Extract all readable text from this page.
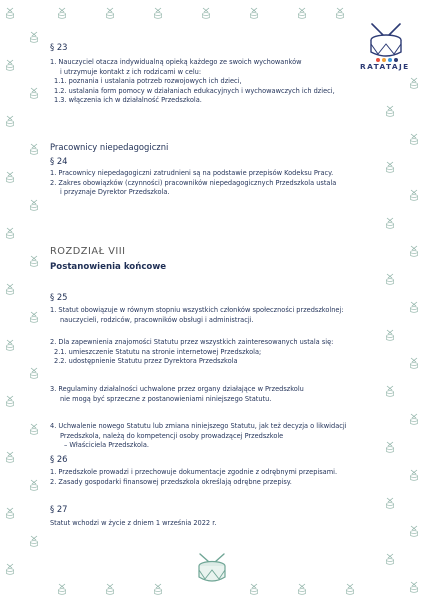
RATATAJE
§ 23
1. Nauczyciel otacza indywidualną opieką każdego ze swoich wychowanków
i utrzymuje kontakt z ich rodzicami w celu:
1.1. poznania i ustalania potrzeb rozwojowych ich dzieci,
1.2. ustalania form pomocy w działaniach edukacyjnych i wychowawczych ich dzieci,
1.3. włączenia ich w działalność Przedszkola.
Pracownicy niepedagogiczni
§ 24
1. Pracownicy niepedagogiczni zatrudnieni są na podstawie przepisów Kodeksu Pracy.
2. Zakres obowiązków (czynności) pracowników niepedagogicznych Przedszkola ustala
i przyznaje Dyrektor Przedszkola.
ROZDZIAŁ VIII
Postanowienia końcowe
§ 25
1. Statut obowiązuje w równym stopniu wszystkich członków społeczności przedszkolnej:
nauczycieli, rodziców, pracowników obsługi i administracji.
2. Dla zapewnienia znajomości Statutu przez wszystkich zainteresowanych ustala się:
2.1. umieszczenie Statutu na stronie internetowej Przedszkola;
2.2. udostępnienie Statutu przez Dyrektora Przedszkola
3. Regulaminy działalności uchwalone przez organy działające w Przedszkolu
nie mogą być sprzeczne z postanowieniami niniejszego Statutu.
4. Uchwalenie nowego Statutu lub zmiana niniejszego Statutu, jak też decyzja o likwidacji
Przedszkola, należą do kompetencji osoby prowadzącej Przedszkole
– Właściciela Przedszkola.
§ 26
1. Przedszkole prowadzi i przechowuje dokumentacje zgodnie z odrębnymi przepisami.
2. Zasady gospodarki finansowej przedszkola określają odrębne przepisy.
§ 27
Statut wchodzi w życie z dniem 1 września 2022 r.
